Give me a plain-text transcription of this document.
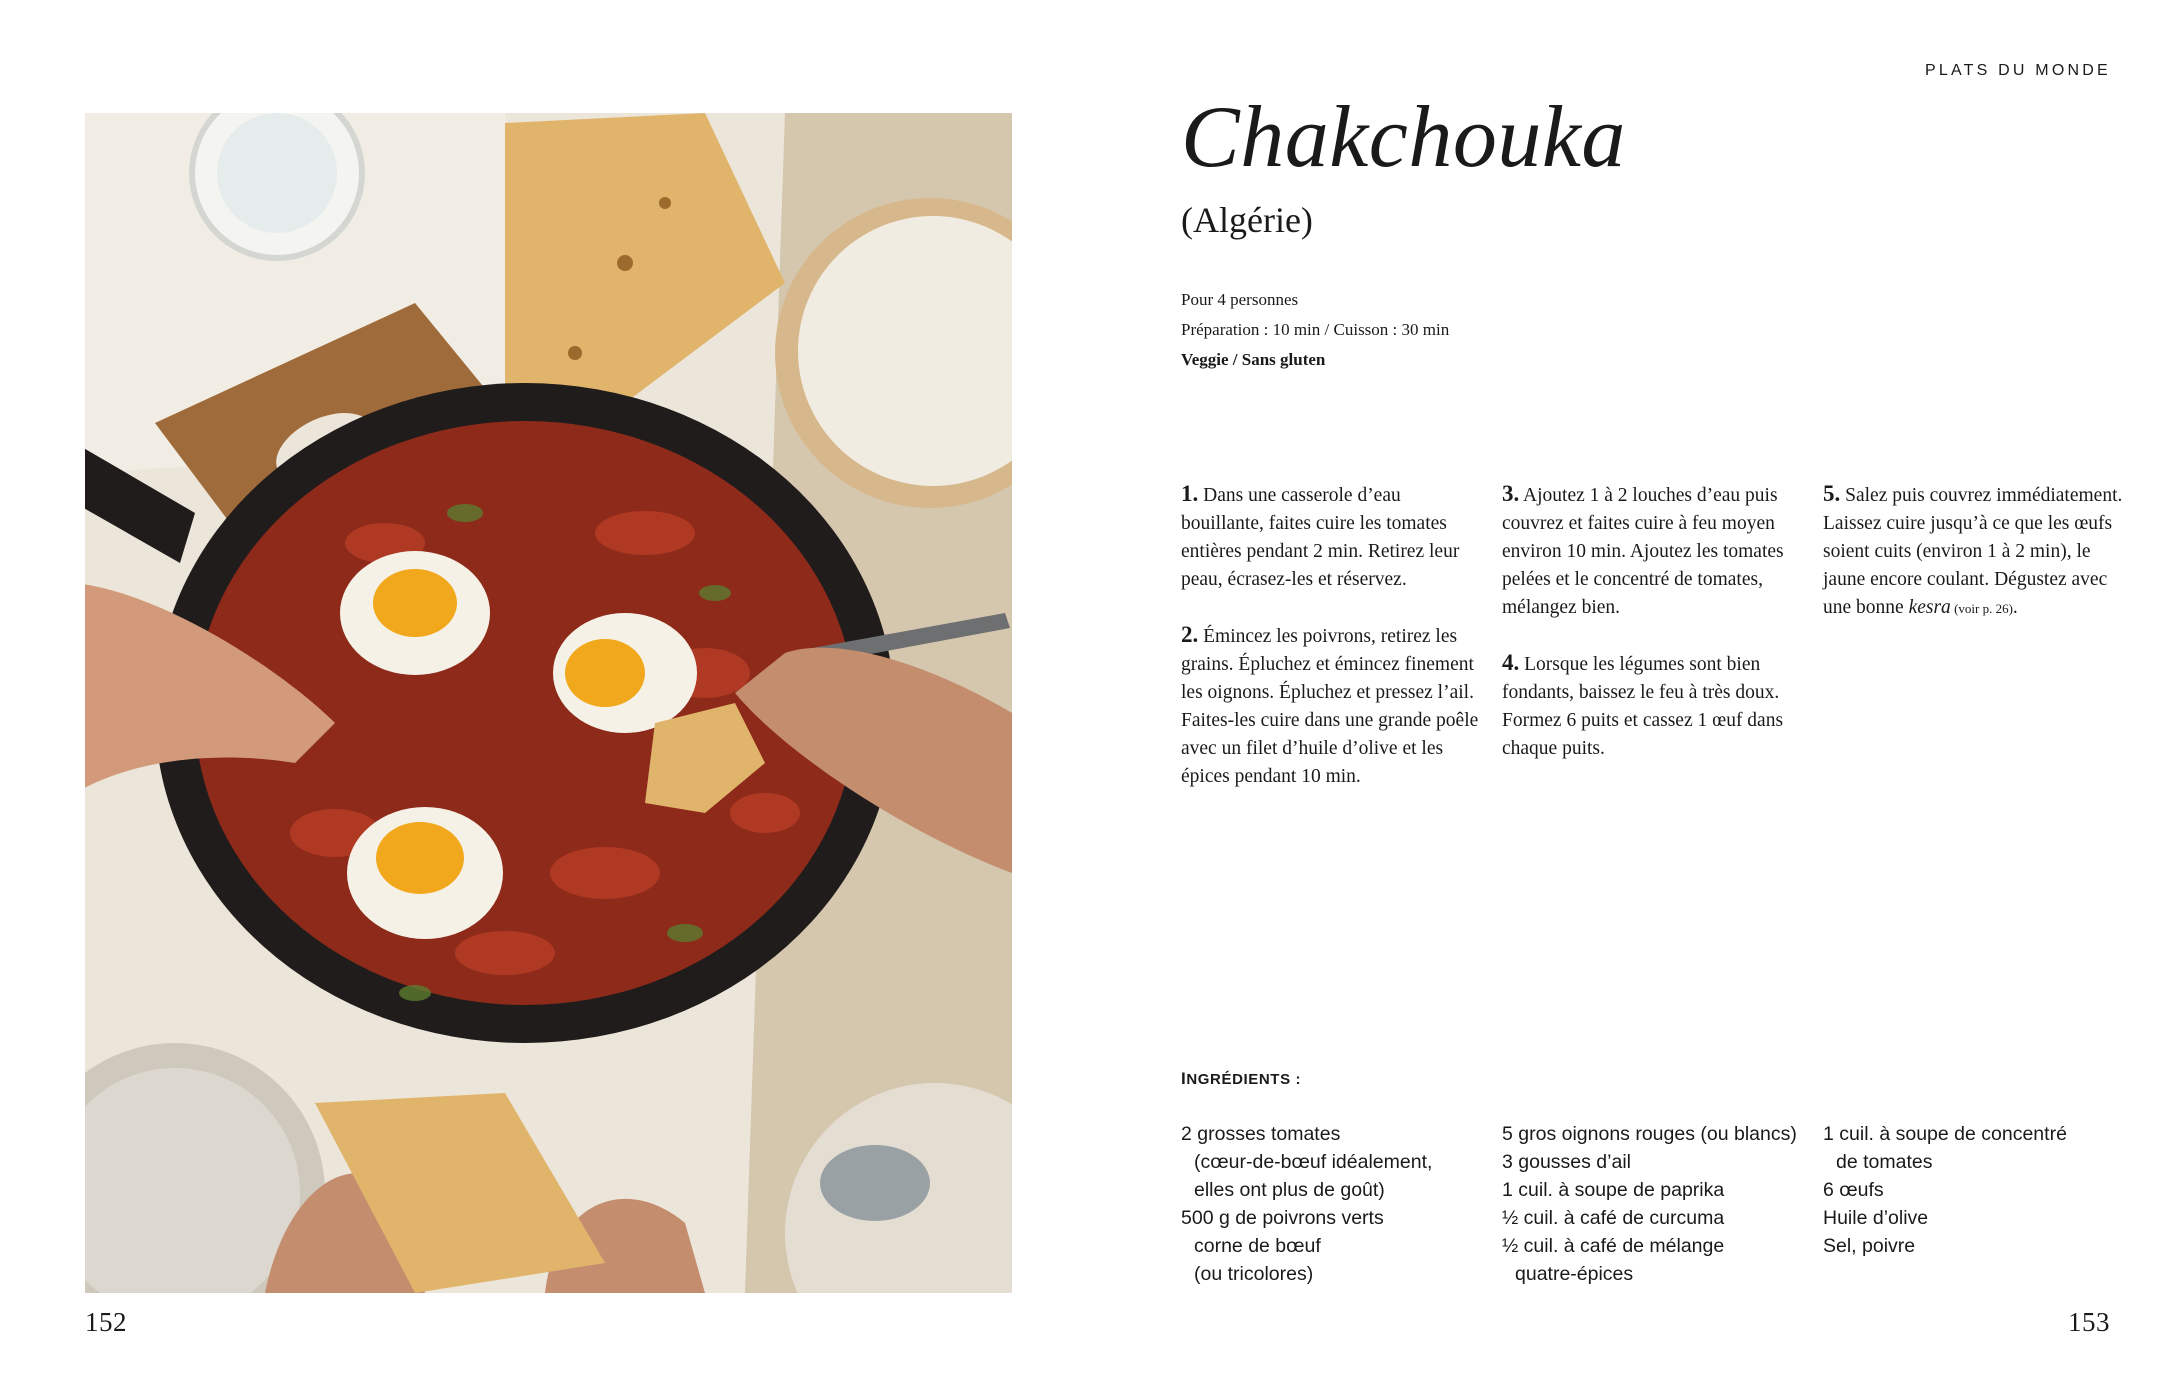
152
PLATS DU MONDE
Chakchouka
(Algérie)
Pour 4 personnes
Préparation : 10 min / Cuisson : 30 min
Veggie / Sans gluten

1. Dans une casserole d’eau bouillante, faites cuire les tomates entières pendant 2 min. Retirez leur peau, écrasez-les et réservez.

2. Émincez les poivrons, retirez les grains. Épluchez et émincez finement les oignons. Épluchez et pressez l’ail. Faites-les cuire dans une grande poêle avec un filet d’huile d’olive et les épices pendant 10 min.

3. Ajoutez 1 à 2 louches d’eau puis couvrez et faites cuire à feu moyen environ 10 min. Ajoutez les tomates pelées et le concentré de tomates, mélangez bien.

4. Lorsque les légumes sont bien fondants, baissez le feu à très doux. Formez 6 puits et cassez 1 œuf dans chaque puits.

5. Salez puis couvrez immédiatement. Laissez cuire jusqu’à ce que les œufs soient cuits (environ 1 à 2 min), le jaune encore coulant. Dégustez avec une bonne kesra (voir p. 26).

INGRÉDIENTS :
2 grosses tomates
(cœur-de-bœuf idéalement,
elles ont plus de goût)
500 g de poivrons verts
corne de bœuf
(ou tricolores)
5 gros oignons rouges (ou blancs)
3 gousses d’ail
1 cuil. à soupe de paprika
½ cuil. à café de curcuma
½ cuil. à café de mélange
quatre-épices
1 cuil. à soupe de concentré
de tomates
6 œufs
Huile d’olive
Sel, poivre
153
